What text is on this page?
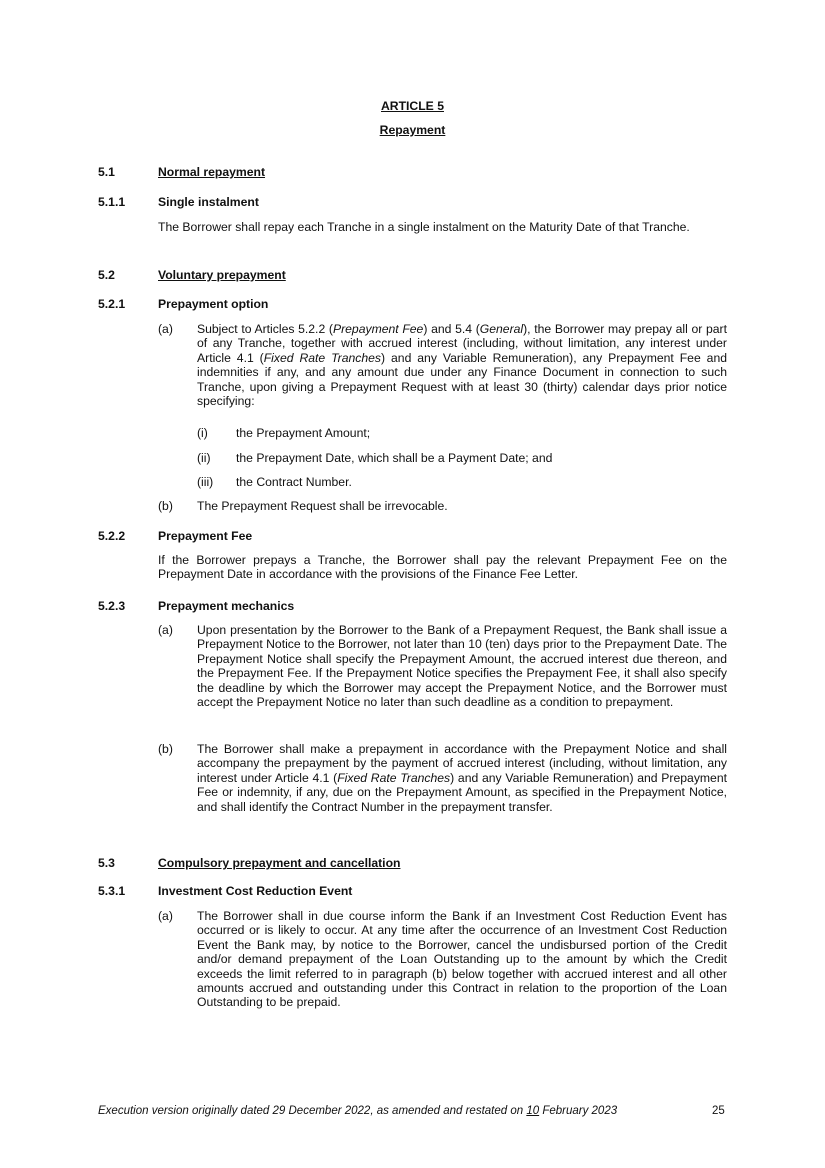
ARTICLE 5
Repayment
5.1	Normal repayment
5.1.1	Single instalment
The Borrower shall repay each Tranche in a single instalment on the Maturity Date of that Tranche.
5.2	Voluntary prepayment
5.2.1	Prepayment option
(a) Subject to Articles 5.2.2 (Prepayment Fee) and 5.4 (General), the Borrower may prepay all or part of any Tranche, together with accrued interest (including, without limitation, any interest under Article 4.1 (Fixed Rate Tranches) and any Variable Remuneration), any Prepayment Fee and indemnities if any, and any amount due under any Finance Document in connection to such Tranche, upon giving a Prepayment Request with at least 30 (thirty) calendar days prior notice specifying:
(i) the Prepayment Amount;
(ii) the Prepayment Date, which shall be a Payment Date; and
(iii) the Contract Number.
(b) The Prepayment Request shall be irrevocable.
5.2.2	Prepayment Fee
If the Borrower prepays a Tranche, the Borrower shall pay the relevant Prepayment Fee on the Prepayment Date in accordance with the provisions of the Finance Fee Letter.
5.2.3	Prepayment mechanics
(a) Upon presentation by the Borrower to the Bank of a Prepayment Request, the Bank shall issue a Prepayment Notice to the Borrower, not later than 10 (ten) days prior to the Prepayment Date. The Prepayment Notice shall specify the Prepayment Amount, the accrued interest due thereon, and the Prepayment Fee. If the Prepayment Notice specifies the Prepayment Fee, it shall also specify the deadline by which the Borrower may accept the Prepayment Notice, and the Borrower must accept the Prepayment Notice no later than such deadline as a condition to prepayment.
(b) The Borrower shall make a prepayment in accordance with the Prepayment Notice and shall accompany the prepayment by the payment of accrued interest (including, without limitation, any interest under Article 4.1 (Fixed Rate Tranches) and any Variable Remuneration) and Prepayment Fee or indemnity, if any, due on the Prepayment Amount, as specified in the Prepayment Notice, and shall identify the Contract Number in the prepayment transfer.
5.3	Compulsory prepayment and cancellation
5.3.1	Investment Cost Reduction Event
(a) The Borrower shall in due course inform the Bank if an Investment Cost Reduction Event has occurred or is likely to occur. At any time after the occurrence of an Investment Cost Reduction Event the Bank may, by notice to the Borrower, cancel the undisbursed portion of the Credit and/or demand prepayment of the Loan Outstanding up to the amount by which the Credit exceeds the limit referred to in paragraph (b) below together with accrued interest and all other amounts accrued and outstanding under this Contract in relation to the proportion of the Loan Outstanding to be prepaid.
Execution version originally dated 29 December 2022, as amended and restated on 10 February 2023	25
